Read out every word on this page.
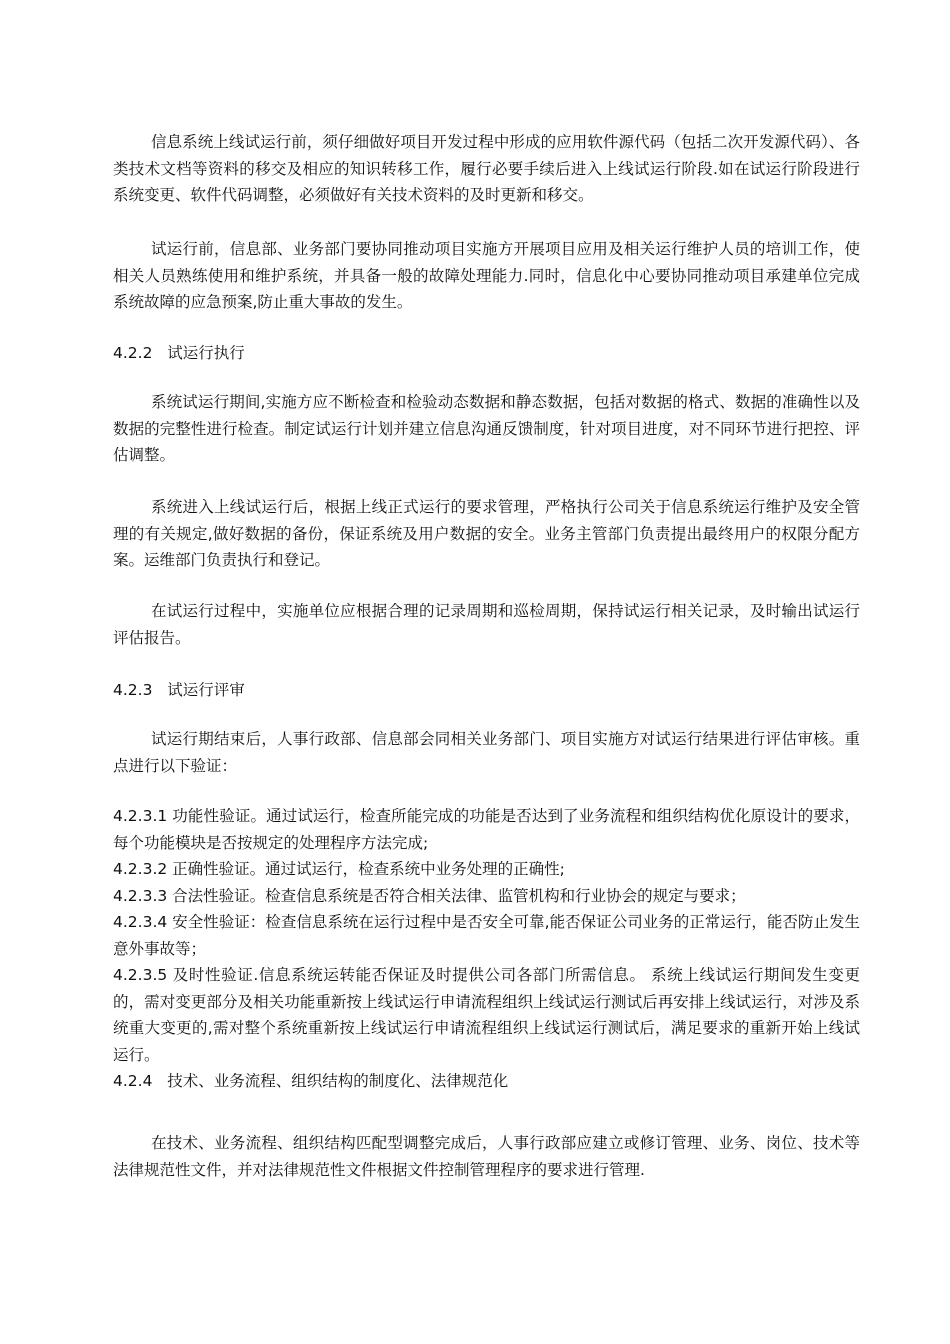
信息系统上线试运行前，须仔细做好项目开发过程中形成的应用软件源代码（包括二次开发源代码）、各类技术文档等资料的移交及相应的知识转移工作，履行必要手续后进入上线试运行阶段.如在试运行阶段进行系统变更、软件代码调整，必须做好有关技术资料的及时更新和移交。

试运行前，信息部、业务部门要协同推动项目实施方开展项目应用及相关运行维护人员的培训工作，使相关人员熟练使用和维护系统，并具备一般的故障处理能力.同时，信息化中心要协同推动项目承建单位完成系统故障的应急预案,防止重大事故的发生。

4.2.2 试运行执行

系统试运行期间,实施方应不断检查和检验动态数据和静态数据，包括对数据的格式、数据的准确性以及数据的完整性进行检查。制定试运行计划并建立信息沟通反馈制度，针对项目进度，对不同环节进行把控、评估调整。

系统进入上线试运行后，根据上线正式运行的要求管理，严格执行公司关于信息系统运行维护及安全管理的有关规定,做好数据的备份，保证系统及用户数据的安全。业务主管部门负责提出最终用户的权限分配方案。运维部门负责执行和登记。

在试运行过程中，实施单位应根据合理的记录周期和巡检周期，保持试运行相关记录，及时输出试运行评估报告。

4.2.3 试运行评审

试运行期结束后，人事行政部、信息部会同相关业务部门、项目实施方对试运行结果进行评估审核。重点进行以下验证：

4.2.3.1 功能性验证。通过试运行，检查所能完成的功能是否达到了业务流程和组织结构优化原设计的要求，每个功能模块是否按规定的处理程序方法完成;

4.2.3.2 正确性验证。通过试运行，检查系统中业务处理的正确性;

4.2.3.3 合法性验证。检查信息系统是否符合相关法律、监管机构和行业协会的规定与要求；

4.2.3.4 安全性验证：检查信息系统在运行过程中是否安全可靠,能否保证公司业务的正常运行，能否防止发生意外事故等；

4.2.3.5 及时性验证.信息系统运转能否保证及时提供公司各部门所需信息。 系统上线试运行期间发生变更的，需对变更部分及相关功能重新按上线试运行申请流程组织上线试运行测试后再安排上线试运行，对涉及系统重大变更的,需对整个系统重新按上线试运行申请流程组织上线试运行测试后，满足要求的重新开始上线试运行。

4.2.4 技术、业务流程、组织结构的制度化、法律规范化

在技术、业务流程、组织结构匹配型调整完成后，人事行政部应建立或修订管理、业务、岗位、技术等法律规范性文件，并对法律规范性文件根据文件控制管理程序的要求进行管理.
